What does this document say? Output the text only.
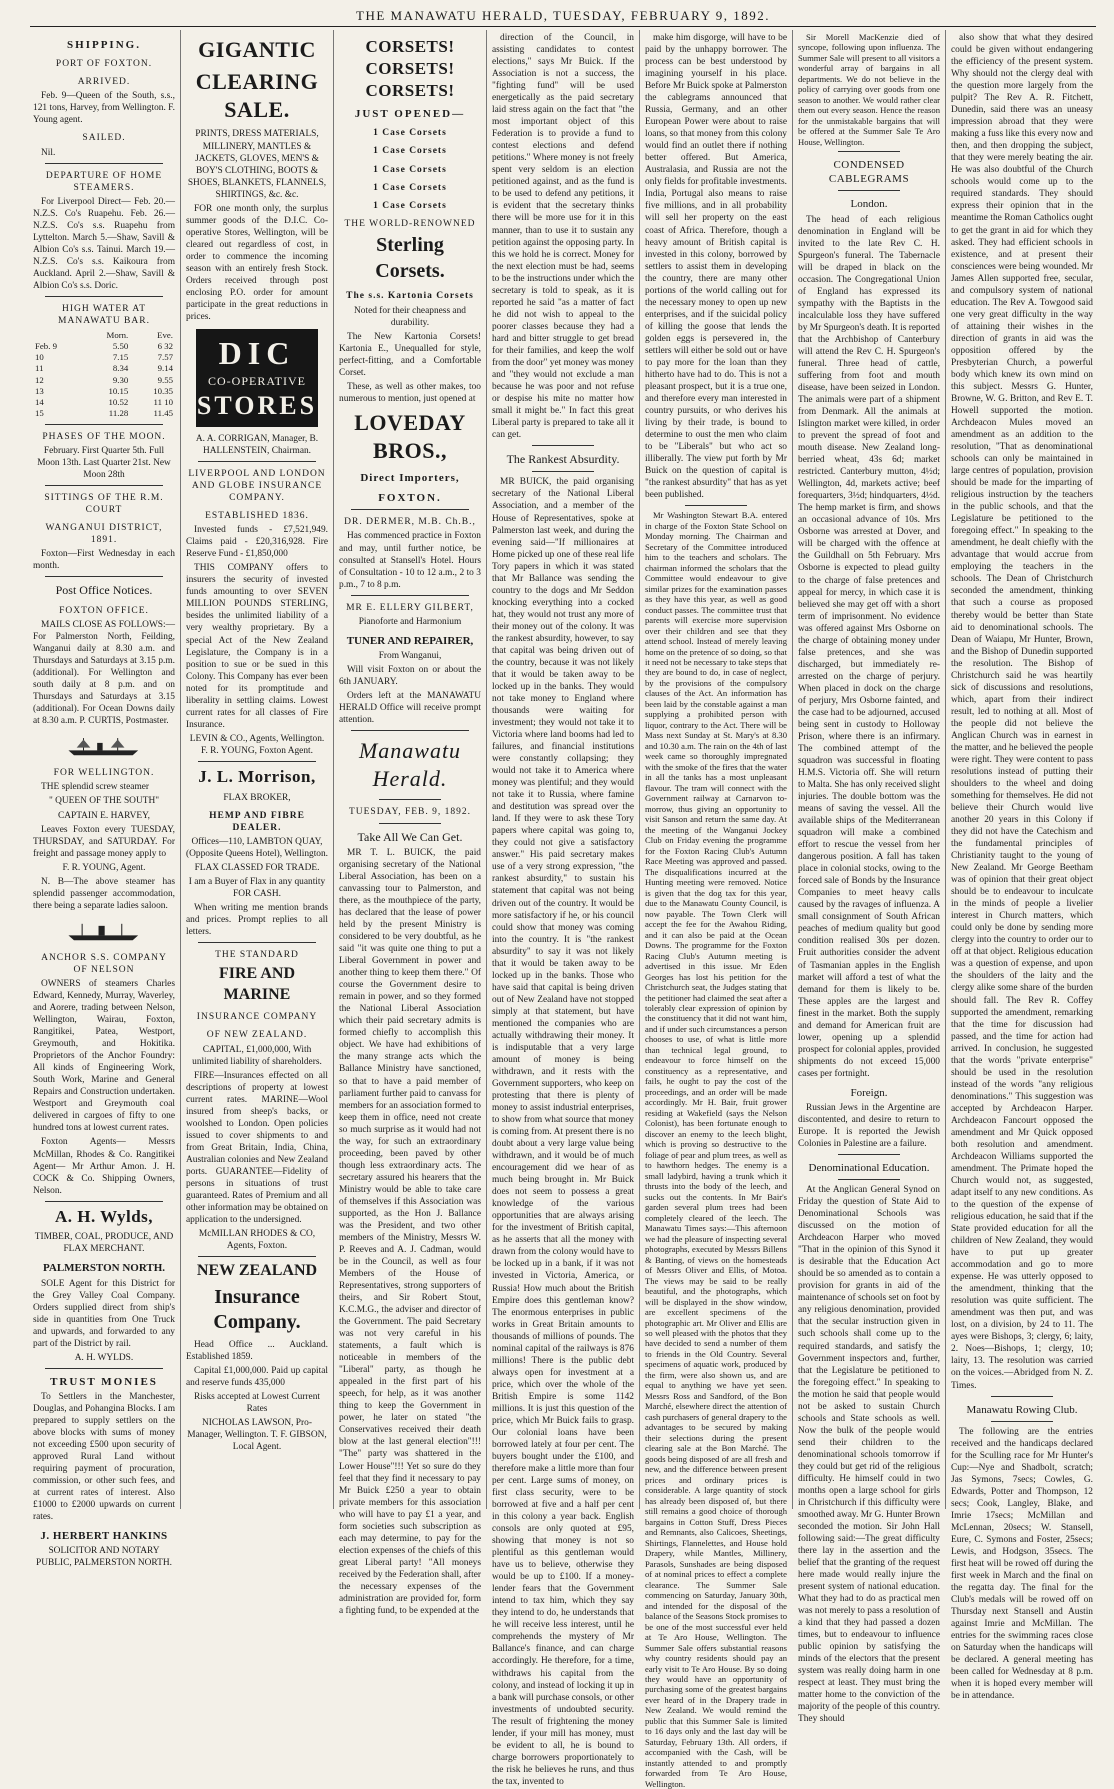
THE MANAWATU HERALD, TUESDAY, FEBRUARY 9, 1892.
SHIPPING.
PORT OF FOXTON.
ARRIVED.

Feb. 9—Queen of the South, s.s., 121 tons, Harvey, from Wellington. F. Young agent.

SAILED.

Nil.

DEPARTURE OF HOME STEAMERS.

For Liverpool Direct— Feb. 20.—N.Z.S. Co's Ruapehu. Feb. 26.—N.Z.S. Co's s.s. Ruapehu from Lyttelton. March 5.—Shaw, Savill & Albion Co's s.s. Tainui. March 19.—N.Z.S. Co's s.s. Kaikoura from Auckland. April 2.—Shaw, Savill & Albion Co's s.s. Doric.

HIGH WATER AT MANAWATU BAR.
	Morn.	Eve.
Feb. 9	5.50	6 32
10	7.15	7.57
11	8.34	9.14
12	9.30	9.55
13	10.15	10.35
14	10.52	11 10
15	11.28	11.45
PHASES OF THE MOON.

February. First Quarter 5th. Full Moon 13th. Last Quarter 21st. New Moon 28th

SITTINGS OF THE R.M. COURT
WANGANUI DISTRICT, 1891.

Foxton—First Wednesday in each month.

Post Office Notices.
FOXTON OFFICE.

MAILS CLOSE AS FOLLOWS:— For Palmerston North, Feilding, Wanganui daily at 8.30 a.m. and Thursdays and Saturdays at 3.15 p.m. (additional). For Wellington and south daily at 8 p.m. and on Thursdays and Saturdays at 3.15 (additional). For Ocean Downs daily at 8.30 a.m. P. CURTIS, Postmaster.

FOR WELLINGTON.

THE splendid screw steamer

" QUEEN OF THE SOUTH"

CAPTAIN E. HARVEY,

Leaves Foxton every TUESDAY, THURSDAY, and SATURDAY. For freight and passage money apply to

F. R. YOUNG, Agent.

N. B—The above steamer has splendid passenger accommodation, there being a separate ladies saloon.

ANCHOR S.S. COMPANY OF NELSON

OWNERS of steamers Charles Edward, Kennedy, Murray, Waverley, and Aorere, trading between Nelson, Wellington, Wairau, Foxton, Rangitikei, Patea, Westport, Greymouth, and Hokitika. Proprietors of the Anchor Foundry: All kinds of Engineering Work, South Work, Marine and General Repairs and Construction undertaken. Westport and Greymouth coal delivered in cargoes of fifty to one hundred tons at lowest current rates.

Foxton Agents— Messrs McMillan, Rhodes & Co. Rangitikei Agent— Mr Arthur Amon. J. H. COCK & Co. Shipping Owners, Nelson.

A. H. Wylds,

TIMBER, COAL, PRODUCE, AND FLAX MERCHANT.

PALMERSTON NORTH.

SOLE Agent for this District for the Grey Valley Coal Company. Orders supplied direct from ship's side in quantities from One Truck and upwards, and forwarded to any part of the District by rail.

A. H. WYLDS.

TRUST MONIES

To Settlers in the Manchester, Douglas, and Pohangina Blocks. I am prepared to supply settlers on the above blocks with sums of money not exceeding £500 upon security of approved Rural Land without requiring payment of procuration, commission, or other such fees, and at current rates of interest. Also £1000 to £2000 upwards on current rates.

J. HERBERT HANKINS

SOLICITOR AND NOTARY PUBLIC, PALMERSTON NORTH.

GIGANTIC
CLEARING SALE.

PRINTS, DRESS MATERIALS, MILLINERY, MANTLES & JACKETS, GLOVES, MEN'S & BOY'S CLOTHING, BOOTS & SHOES, BLANKETS, FLANNELS, SHIRTINGS, &c. &c.

FOR one month only, the surplus summer goods of the D.I.C. Co-operative Stores, Wellington, will be cleared out regardless of cost, in order to commence the incoming season with an entirely fresh Stock. Orders received through post enclosing P.O. order for amount participate in the great reductions in prices.

DIC
CO-OPERATIVE
STORES

A. A. CORRIGAN, Manager, B. HALLENSTEIN, Chairman.

LIVERPOOL AND LONDON AND GLOBE INSURANCE COMPANY.
ESTABLISHED 1836.

Invested funds - £7,521,949. Claims paid - £20,316,928. Fire Reserve Fund - £1,850,000

THIS COMPANY offers to insurers the security of invested funds amounting to over SEVEN MILLION POUNDS STERLING, besides the unlimited liability of a very wealthy proprietary. By a special Act of the New Zealand Legislature, the Company is in a position to sue or be sued in this Colony. This Company has ever been noted for its promptitude and liberality in settling claims. Lowest current rates for all classes of Fire Insurance.

LEVIN & CO., Agents, Wellington. F. R. YOUNG, Foxton Agent.

J. L. Morrison,

FLAX BROKER,

HEMP AND FIBRE DEALER.

Offices—110, LAMBTON QUAY, (Opposite Queens Hotel), Wellington.

FLAX CLASSED FOR TRADE.

I am a Buyer of Flax in any quantity FOR CASH.

When writing me mention brands and prices. Prompt replies to all letters.

THE STANDARD
FIRE AND MARINE
INSURANCE COMPANY
OF NEW ZEALAND.

CAPITAL, £1,000,000, With unlimited liability of shareholders.

FIRE—Insurances effected on all descriptions of property at lowest current rates. MARINE—Wool insured from sheep's backs, or woolshed to London. Open policies issued to cover shipments to and from Great Britain, India, China, Australian colonies and New Zealand ports. GUARANTEE—Fidelity of persons in situations of trust guaranteed. Rates of Premium and all other information may be obtained on application to the undersigned.

McMILLAN RHODES & CO, Agents, Foxton.

NEW ZEALAND
Insurance Company.

Head Office ... Auckland. Established 1859.

Capital £1,000,000. Paid up capital and reserve funds 435,000

Risks accepted at Lowest Current Rates

NICHOLAS LAWSON, Pro-Manager, Wellington. T. F. GIBSON, Local Agent.

CORSETS! CORSETS! CORSETS!
JUST OPENED—
1 Case Corsets
1 Case Corsets
1 Case Corsets
1 Case Corsets
1 Case Corsets
THE WORLD-RENOWNED
Sterling Corsets.
The s.s. Kartonia Corsets

Noted for their cheapness and durability.

The New Kartonia Corsets! Kartonia E., Unequalled for style, perfect-fitting, and a Comfortable Corset.

These, as well as other makes, too numerous to mention, just opened at

LOVEDAY BROS.,
Direct Importers,
FOXTON.
DR. DERMER, M.B. Ch.B.,

Has commenced practice in Foxton and may, until further notice, be consulted at Stansell's Hotel. Hours of Consultation - 10 to 12 a.m., 2 to 3 p.m., 7 to 8 p.m.

MR E. ELLERY GILBERT,

Pianoforte and Harmonium

TUNER AND REPAIRER,

From Wanganui,

Will visit Foxton on or about the 6th JANUARY.

Orders left at the MANAWATU HERALD Office will receive prompt attention.

Manawatu Herald.
TUESDAY, FEB. 9, 1892.
Take All We Can Get.

MR T. L. BUICK, the paid organising secretary of the National Liberal Association, has been on a canvassing tour to Palmerston, and there, as the mouthpiece of the party, has declared that the lease of power held by the present Ministry is considered to be very doubtful, as he said "it was quite one thing to put a Liberal Government in power and another thing to keep them there." Of course the Government desire to remain in power, and so they formed the National Liberal Association which their paid secretary admits is formed chiefly to accomplish this object. We have had exhibitions of the many strange acts which the Ballance Ministry have sanctioned, so that to have a paid member of parliament further paid to canvass for members for an association formed to keep them in office, need not create so much surprise as it would had not the way, for such an extraordinary proceeding, been paved by other though less extraordinary acts. The secretary assured his hearers that the Ministry would be able to take care of themselves if this Association was supported, as the Hon J. Ballance was the President, and two other members of the Ministry, Messrs W. P. Reeves and A. J. Cadman, would be in the Council, as well as four Members of the House of Representatives, strong supporters of theirs, and Sir Robert Stout, K.C.M.G., the adviser and director of the Government. The paid Secretary was not very careful in his statements, a fault which is noticeable in members of the "Liberal" party, as though he appealed in the first part of his speech, for help, as it was another thing to keep the Government in power, he later on stated "the Conservatives received their death blow at the last general election"!!! "The" party was shattered in the Lower House"!!! Yet so sure do they feel that they find it necessary to pay Mr Buick £250 a year to obtain private members for this association who will have to pay £1 a year, and form societies such subscription as each may determine, to pay for the election expenses of the chiefs of this great Liberal party! "All moneys received by the Federation shall, after the necessary expenses of the administration are provided for, form a fighting fund, to be expended at the

direction of the Council, in assisting candidates to contest elections," says Mr Buick. If the Association is not a success, the "fighting fund" will be used energetically as the paid secretary laid stress again on the fact that "the most important object of this Federation is to provide a fund to contest elections and defend petitions." Where money is not freely spent very seldom is an election petitioned against, and as the fund is to be used to defend any petitions, it is evident that the secretary thinks there will be more use for it in this manner, than to use it to sustain any petition against the opposing party. In this we hold he is correct. Money for the next election must be had, seems to be the instructions under which the secretary is told to speak, as it is reported he said "as a matter of fact he did not wish to appeal to the poorer classes because they had a hard and bitter struggle to get bread for their families, and keep the wolf from the door" yet money was money and "they would not exclude a man because he was poor and not refuse or despise his mite no matter how small it might be." In fact this great Liberal party is prepared to take all it can get.

The Rankest Absurdity.

MR BUICK, the paid organising secretary of the National Liberal Association, and a member of the House of Representatives, spoke at Palmerston last week, and during the evening said—"If millionaires at Home picked up one of these real life Tory papers in which it was stated that Mr Ballance was sending the country to the dogs and Mr Seddon knocking everything into a cocked hat, they would not trust any more of their money out of the colony. It was the rankest absurdity, however, to say that capital was being driven out of the country, because it was not likely that it would be taken away to be locked up in the banks. They would not take money to England where thousands were waiting for investment; they would not take it to Victoria where land booms had led to failures, and financial institutions were constantly collapsing; they would not take it to America where money was plentiful; and they would not take it to Russia, where famine and destitution was spread over the land. If they were to ask these Tory papers where capital was going to, they could not give a satisfactory answer." His paid secretary makes use of a very strong expression, "the rankest absurdity," to sustain his statement that capital was not being driven out of the country. It would be more satisfactory if he, or his council could show that money was coming into the country. It is "the rankest absurdity" to say it was not likely that it would be taken away to be locked up in the banks. Those who have said that capital is being driven out of New Zealand have not stopped simply at that statement, but have mentioned the companies who are actually withdrawing their money. It is indisputable that a very large amount of money is being withdrawn, and it rests with the Government supporters, who keep on protesting that there is plenty of money to assist industrial enterprises, to show from what source that money is coming from. At present there is no doubt about a very large value being withdrawn, and it would be of much encouragement did we hear of as much being brought in. Mr Buick does not seem to possess a great knowledge of the various opportunities that are always arising for the investment of British capital, as he asserts that all the money with drawn from the colony would have to be locked up in a bank, if it was not invested in Victoria, America, or Russia! How much about the British Empire does this gentleman know? The enormous enterprises in public works in Great Britain amounts to thousands of millions of pounds. The nominal capital of the railways is 876 millions! There is the public debt always open for investment at a price, which over the whole of the British Empire is some 1142 millions. It is just this question of the price, which Mr Buick fails to grasp. Our colonial loans have been borrowed lately at four per cent. The buyers bought under the £100, and therefore make a little more than four per cent. Large sums of money, on first class security, were to be borrowed at five and a half per cent in this colony a year back. English consols are only quoted at £95, showing that money is not so plentiful as this gentleman would have us to believe, otherwise they would be up to £100. If a money-lender fears that the Government intend to tax him, which they say they intend to do, he understands that he will receive less interest, until he comprehends the mystery of Mr Ballance's finance, and can charge accordingly. He therefore, for a time, withdraws his capital from the colony, and instead of locking it up in a bank will purchase consols, or other investments of undoubted security. The result of frightening the money lender, if your mill has money, must be evident to all, he is bound to charge borrowers proportionately to the risk he believes he runs, and thus the tax, invented to

make him disgorge, will have to be paid by the unhappy borrower. The process can be best understood by imagining yourself in his place. Before Mr Buick spoke at Palmerston the cablegrams announced that Russia, Germany, and an other European Power were about to raise loans, so that money from this colony would find an outlet there if nothing better offered. But America, Australasia, and Russia are not the only fields for profitable investments. India, Portugal also means to raise five millions, and in all probability will sell her property on the east coast of Africa. Therefore, though a heavy amount of British capital is invested in this colony, borrowed by settlers to assist them in developing the country, there are many other portions of the world calling out for the necessary money to open up new enterprises, and if the suicidal policy of killing the goose that lends the golden eggs is persevered in, the settlers will either be sold out or have to pay more for the loan than they hitherto have had to do. This is not a pleasant prospect, but it is a true one, and therefore every man interested in country pursuits, or who derives his living by their trade, is bound to determine to oust the men who claim to be "Liberals" but who act so illiberally. The view put forth by Mr Buick on the question of capital is "the rankest absurdity" that has as yet been published.

Mr Washington Stewart B.A. entered in charge of the Foxton State School on Monday morning. The Chairman and Secretary of the Committee introduced him to the teachers and scholars. The chairman informed the scholars that the Committee would endeavour to give similar prizes for the examination passes as they have this year, as well as good conduct passes. The committee trust that parents will exercise more supervision over their children and see that they attend school. Instead of merely leaving home on the pretence of so doing, so that it need not be necessary to take steps that they are bound to do, in case of neglect, by the provisions of the compulsory clauses of the Act. An information has been laid by the constable against a man supplying a prohibited person with liquor, contrary to the Act. There will be Mass next Sunday at St. Mary's at 8.30 and 10.30 a.m. The rain on the 4th of last week came so thoroughly impregnated with the smoke of the fires that the water in all the tanks has a most unpleasant flavour. The tram will connect with the Government railway at Carnarvon to-morrow, thus giving an opportunity to visit Sanson and return the same day. At the meeting of the Wanganui Jockey Club on Friday evening the programme for the Foxton Racing Club's Autumn Race Meeting was approved and passed. The disqualifications incurred at the Hunting meeting were removed. Notice is given that the dog tax for this year, due to the Manawatu County Council, is now payable. The Town Clerk will accept the fee for the Awahou Riding, and it can also be paid at the Ocean Downs. The programme for the Foxton Racing Club's Autumn meeting is advertised in this issue. Mr Eden Georges has lost his petition for the Christchurch seat, the Judges stating that the petitioner had claimed the seat after a tolerably clear expression of opinion by the constituency that it did not want him, and if under such circumstances a person chooses to use, of what is little more than technical legal ground, to endeavour to force himself on the constituency as a representative, and fails, he ought to pay the cost of the proceedings, and an order will be made accordingly. Mr H. Bair, fruit grower residing at Wakefield (says the Nelson Colonist), has been fortunate enough to discover an enemy to the leech blight, which is proving so destructive to the foliage of pear and plum trees, as well as to hawthorn hedges. The enemy is a small ladybird, having a trunk which it thrusts into the body of the leech, and sucks out the contents. In Mr Bair's garden several plum trees had been completely cleared of the leech. The Manawatu Times says:—This afternoon we had the pleasure of inspecting several photographs, executed by Messrs Billens & Banting, of views on the homesteads of Messrs Oliver and Ellis, of Motoa. The views may be said to be really beautiful, and the photographs, which will be displayed in the show window, are excellent specimens of the photographic art. Mr Oliver and Ellis are so well pleased with the photos that they have decided to send a number of them to friends in the Old Country. Several specimens of aquatic work, produced by the firm, were also shown us, and are equal to anything we have yet seen. Messrs Ross and Sandford, of the Bon Marché, elsewhere direct the attention of cash purchasers of general drapery to the advantages to be secured by making their selections during the present clearing sale at the Bon Marché. The goods being disposed of are all fresh and new, and the difference between present prices and ordinary prices is considerable. A large quantity of stock has already been disposed of, but there still remains a good choice of thorough bargains in Cotton Stuff, Dress Pieces and Remnants, also Calicoes, Sheetings, Shirtings, Flannelettes, and House hold Drapery, while Mantles, Millinery, Parasols, Sunshades are being disposed of at nominal prices to effect a complete clearance. The Summer Sale commencing on Saturday, January 30th, and intended for the disposal of the balance of the Seasons Stock promises to be one of the most successful ever held at Te Aro House, Wellington. The Summer Sale offers substantial reasons why country residents should pay an early visit to Te Aro House. By so doing they would have an opportunity of purchasing some of the greatest bargains ever heard of in the Drapery trade in New Zealand. We would remind the public that this Summer Sale is limited to 16 days only and the last day will be Saturday, February 13th. All orders, if accompanied with the Cash, will be instantly attended to and promptly forwarded from Te Aro House, Wellington.

Sir Morell MacKenzie died of syncope, following upon influenza. The Summer Sale will present to all visitors a wonderful array of bargains in all departments. We do not believe in the policy of carrying over goods from one season to another. We would rather clear them out every season. Hence the reason for the unmistakable bargains that will be offered at the Summer Sale Te Aro House, Wellington.

CONDENSED CABLEGRAMS
London.

The head of each religious denomination in England will be invited to the late Rev C. H. Spurgeon's funeral. The Tabernacle will be draped in black on the occasion. The Congregational Union of England has expressed its sympathy with the Baptists in the incalculable loss they have suffered by Mr Spurgeon's death. It is reported that the Archbishop of Canterbury will attend the Rev C. H. Spurgeon's funeral. Three head of cattle, suffering from foot and mouth disease, have been seized in London. The animals were part of a shipment from Denmark. All the animals at Islington market were killed, in order to prevent the spread of foot and mouth disease. New Zealand long-berried wheat, 43s 6d; market restricted. Canterbury mutton, 4½d; Wellington, 4d, markets active; beef forequarters, 3½d; hindquarters, 4½d. The hemp market is firm, and shows an occasional advance of 10s. Mrs Osborne was arrested at Dover, and will be charged with the offence at the Guildhall on 5th February. Mrs Osborne is expected to plead guilty to the charge of false pretences and appeal for mercy, in which case it is believed she may get off with a short term of imprisonment. No evidence was offered against Mrs Osborne on the charge of obtaining money under false pretences, and she was discharged, but immediately re-arrested on the charge of perjury. When placed in dock on the charge of perjury, Mrs Osborne fainted, and the case had to be adjourned, accused being sent in custody to Holloway Prison, where there is an infirmary. The combined attempt of the squadron was successful in floating H.M.S. Victoria off. She will return to Malta. She has only received slight injuries. The double bottom was the means of saving the vessel. All the available ships of the Mediterranean squadron will make a combined effort to rescue the vessel from her dangerous position. A fall has taken place in colonial stocks, owing to the forced sale of Bonds by the Insurance Companies to meet heavy calls caused by the ravages of influenza. A small consignment of South African peaches of medium quality but good condition realised 30s per dozen. Fruit authorities consider the advent of Tasmanian apples in the English market will afford a test of what the demand for them is likely to be. These apples are the largest and finest in the market. Both the supply and demand for American fruit are lower, opening up a splendid prospect for colonial apples, provided shipments do not exceed 15,000 cases per fortnight.

Foreign.

Russian Jews in the Argentine are discontented, and desire to return to Europe. It is reported the Jewish Colonies in Palestine are a failure.

Denominational Education.

At the Anglican General Synod on Friday the question of State Aid to Denominational Schools was discussed on the motion of Archdeacon Harper who moved "That in the opinion of this Synod it is desirable that the Education Act should be so amended as to contain a provision for grants in aid of the maintenance of schools set on foot by any religious denomination, provided that the secular instruction given in such schools shall come up to the required standards, and satisfy the Government inspectors and, further, that the Legislature be petitioned to the foregoing effect." In speaking to the motion he said that people would not be asked to sustain Church schools and State schools as well. Now the bulk of the people would send their children to the denominational schools tomorrow if they could but get rid of the religious difficulty. He himself could in two months open a large school for girls in Christchurch if this difficulty were smoothed away. Mr G. Hunter Brown seconded the motion. Sir John Hall following said:—The great difficulty there lay in the assertion and the belief that the granting of the request here made would really injure the present system of national education. What they had to do as practical men was not merely to pass a resolution of a kind that they had passed a dozen times, but to endeavour to influence public opinion by satisfying the minds of the electors that the present system was really doing harm in one respect at least. They must bring the matter home to the conviction of the majority of the people of this country. They should

also show that what they desired could be given without endangering the efficiency of the present system. Why should not the clergy deal with the question more largely from the pulpit? The Rev A. R. Fitchett, Dunedin, said there was an uneasy impression abroad that they were making a fuss like this every now and then, and then dropping the subject, that they were merely beating the air. He was also doubtful of the Church schools would come up to the required standards. They should express their opinion that in the meantime the Roman Catholics ought to get the grant in aid for which they asked. They had efficient schools in existence, and at present their consciences were being wounded. Mr James Allen supported free, secular, and compulsory system of national education. The Rev A. Towgood said one very great difficulty in the way of attaining their wishes in the direction of grants in aid was the opposition offered by the Presbyterian Church, a powerful body which knew its own mind on this subject. Messrs G. Hunter, Browne, W. G. Britton, and Rev E. T. Howell supported the motion. Archdeacon Mules moved an amendment as an addition to the resolution, "That as denominational schools can only be maintained in large centres of population, provision should be made for the imparting of religious instruction by the teachers in the public schools, and that the Legislature be petitioned to the foregoing effect." In speaking to the amendment, he dealt chiefly with the advantage that would accrue from employing the teachers in the schools. The Dean of Christchurch seconded the amendment, thinking that such a course as proposed thereby would be better than State aid to denominational schools. The Dean of Waiapu, Mr Hunter, Brown, and the Bishop of Dunedin supported the resolution. The Bishop of Christchurch said he was heartily sick of discussions and resolutions, which, apart from their indirect result, led to nothing at all. Most of the people did not believe the Anglican Church was in earnest in the matter, and he believed the people were right. They were content to pass resolutions instead of putting their shoulders to the wheel and doing something for themselves. He did not believe their Church would live another 20 years in this Colony if they did not have the Catechism and the fundamental principles of Christianity taught to the young of New Zealand. Mr George Beetham was of opinion that their great object should be to endeavour to inculcate in the minds of people a livelier interest in Church matters, which could only be done by sending more clergy into the country to order our to off at that object. Religious education was a question of expense, and upon the shoulders of the laity and the clergy alike some share of the burden should fall. The Rev R. Coffey supported the amendment, remarking that the time for discussion had passed, and the time for action had arrived. In conclusion, he suggested that the words "private enterprise" should be used in the resolution instead of the words "any religious denominations." This suggestion was accepted by Archdeacon Harper. Archdeacon Fancourt opposed the amendment and Mr Quick opposed both resolution and amendment. Archdeacon Williams supported the amendment. The Primate hoped the Church would not, as suggested, adapt itself to any new conditions. As to the question of the expense of religious education, he said that if the State provided education for all the children of New Zealand, they would have to put up greater accommodation and go to more expense. He was utterly opposed to the amendment, thinking that the resolution was quite sufficient. The amendment was then put, and was lost, on a division, by 24 to 11. The ayes were Bishops, 3; clergy, 6; laity, 2. Noes—Bishops, 1; clergy, 10; laity, 13. The resolution was carried on the voices.—Abridged from N. Z. Times.

Manawatu Rowing Club.

The following are the entries received and the handicaps declared for the Sculling race for Mr Hunter's Cup:—Nye and Shadbolt, scratch; Jas Symons, 7secs; Cowles, G. Edwards, Potter and Thompson, 12 secs; Cook, Langley, Blake, and Imrie 17secs; McMillan and McLennan, 20secs; W. Stansell, Eure, C. Symons and Foster, 25secs; Lewis, and Hodgson, 35secs. The first heat will be rowed off during the first week in March and the final on the regatta day. The final for the Club's medals will be rowed off on Thursday next Stansell and Austin against Imrie and McMillan. The entries for the swimming races close on Saturday when the handicaps will be declared. A general meeting has been called for Wednesday at 8 p.m. when it is hoped every member will be in attendance.
